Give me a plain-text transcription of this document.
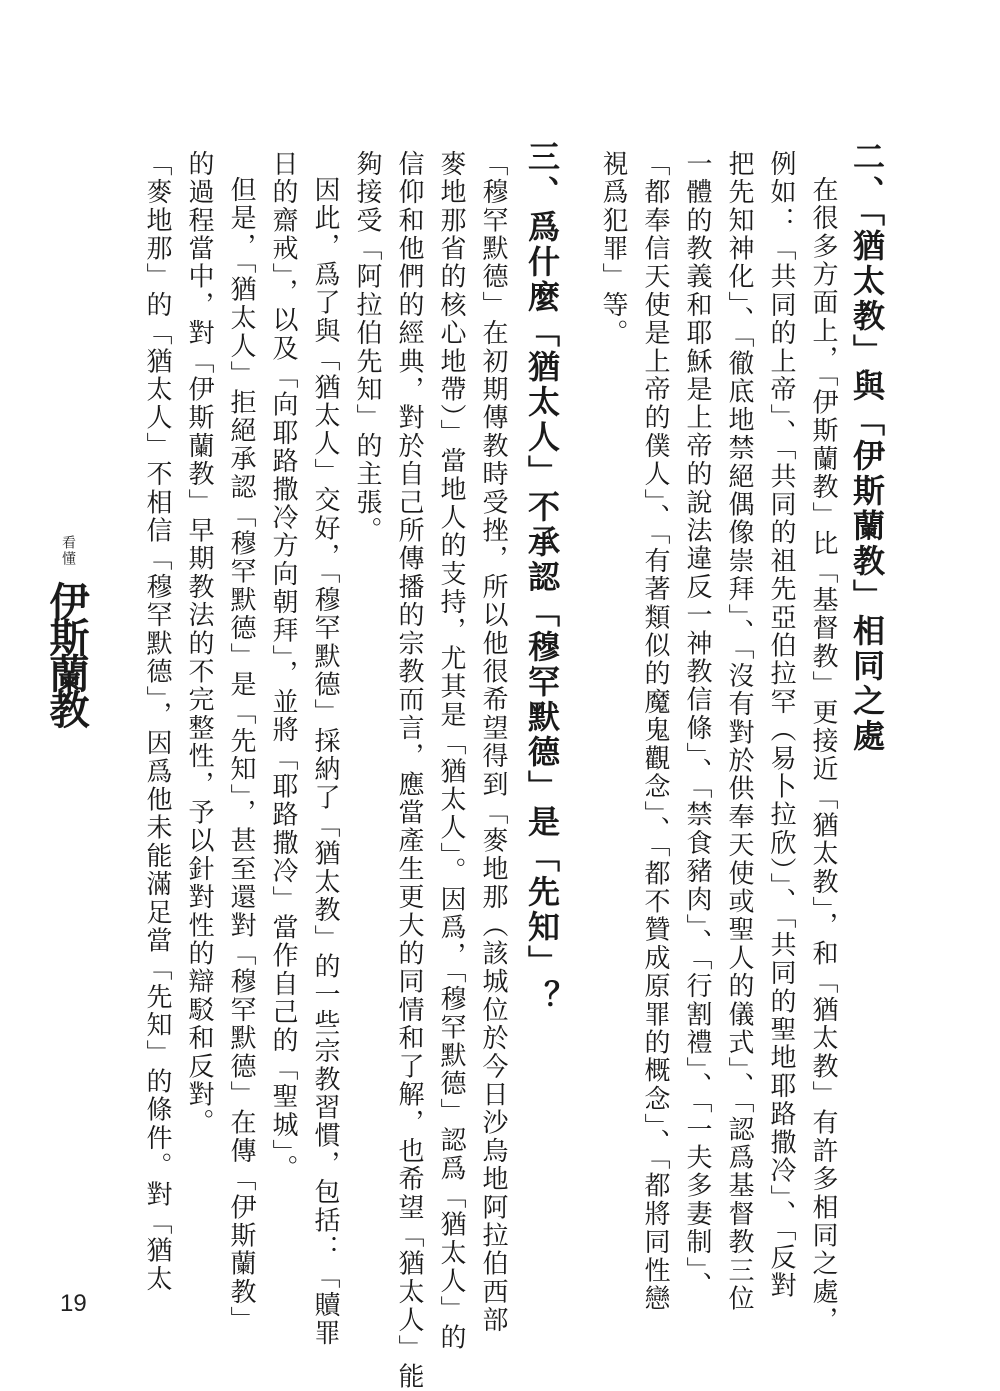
二、「猶太教」與「伊斯蘭教」相同之處
在很多方面上，「伊斯蘭教」比「基督教」更接近「猶太教」，和「猶太教」有許多相同之處，
例如：「共同的上帝」、「共同的祖先亞伯拉罕（易卜拉欣）」、「共同的聖地耶路撒冷」、「反對
把先知神化」、「徹底地禁絕偶像崇拜」、「沒有對於供奉天使或聖人的儀式」、「認爲基督教三位
一體的教義和耶穌是上帝的說法違反一神教信條」、「禁食豬肉」、「行割禮」、「一夫多妻制」、
「都奉信天使是上帝的僕人」、「有著類似的魔鬼觀念」、「都不贊成原罪的概念」、「都將同性戀
視爲犯罪」等。
三、爲什麼「猶太人」不承認「穆罕默德」是「先知」？
「穆罕默德」在初期傳教時受挫，所以他很希望得到「麥地那（該城位於今日沙烏地阿拉伯西部
麥地那省的核心地帶）」當地人的支持，尤其是「猶太人」。因爲，「穆罕默德」認爲「猶太人」的
信仰和他們的經典，對於自己所傳播的宗教而言，應當產生更大的同情和了解，也希望「猶太人」能
夠接受「阿拉伯先知」的主張。
因此，爲了與「猶太人」交好，「穆罕默德」採納了「猶太教」的一些宗教習慣，包括：「贖罪
日的齋戒」，以及「向耶路撒冷方向朝拜」，並將「耶路撒冷」當作自己的「聖城」。
但是，「猶太人」拒絕承認「穆罕默德」是「先知」，甚至還對「穆罕默德」在傳「伊斯蘭教」
的過程當中，對「伊斯蘭教」早期教法的不完整性，予以針對性的辯駁和反對。
「麥地那」的「猶太人」不相信「穆罕默德」，因爲他未能滿足當「先知」的條件。對「猶太
看懂
伊斯蘭教
19
